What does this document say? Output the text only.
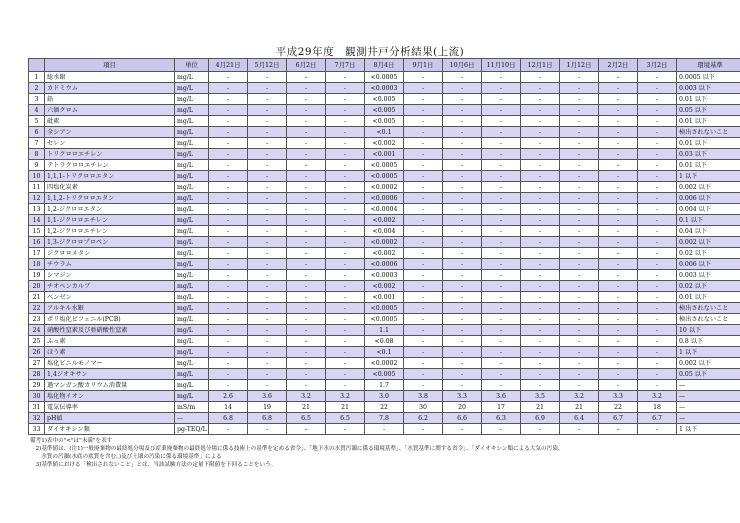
平成29年度　観測井戸分析結果(上流)
	項目	単位	4月21日	5月12日	6月2日	7月7日	8月4日	9月1日	10月6日	11月10日	12月1日	1月12日	2月2日	3月2日	環境基準
1	総水銀	mg/L	-	-	-	-	<0.0005	-	-	-	-	-	-	-	0.0005 以下
2	カドミウム	mg/L	-	-	-	-	<0.0003	-	-	-	-	-	-	-	0.003 以下
3	鉛	mg/L	-	-	-	-	<0.005	-	-	-	-	-	-	-	0.01 以下
4	六価クロム	mg/L	-	-	-	-	<0.005	-	-	-	-	-	-	-	0.05 以下
5	砒素	mg/L	-	-	-	-	<0.005	-	-	-	-	-	-	-	0.01 以下
6	全シアン	mg/L	-	-	-	-	<0.1	-	-	-	-	-	-	-	検出されないこと
7	セレン	mg/L	-	-	-	-	<0.002	-	-	-	-	-	-	-	0.01 以下
8	トリクロロエチレン	mg/L	-	-	-	-	<0.001	-	-	-	-	-	-	-	0.03 以下
9	テトラクロロエチレン	mg/L	-	-	-	-	<0.0005	-	-	-	-	-	-	-	0.01 以下
10	1,1,1-トリクロロエタン	mg/L	-	-	-	-	<0.0005	-	-	-	-	-	-	-	1 以下
11	四塩化炭素	mg/L	-	-	-	-	<0.0002	-	-	-	-	-	-	-	0.002 以下
12	1,1,2-トリクロロエタン	mg/L	-	-	-	-	<0.0006	-	-	-	-	-	-	-	0.006 以下
13	1,2-ジクロロエタン	mg/L	-	-	-	-	<0.0004	-	-	-	-	-	-	-	0.004 以下
14	1,1-ジクロロエチレン	mg/L	-	-	-	-	<0.002	-	-	-	-	-	-	-	0.1 以下
15	1,2-ジクロロエチレン	mg/L	-	-	-	-	<0.004	-	-	-	-	-	-	-	0.04 以下
16	1,3-ジクロロプロペン	mg/L	-	-	-	-	<0.0002	-	-	-	-	-	-	-	0.002 以下
17	ジクロロメタン	mg/L	-	-	-	-	<0.002	-	-	-	-	-	-	-	0.02 以下
18	チウラム	mg/L	-	-	-	-	<0.0006	-	-	-	-	-	-	-	0.006 以下
19	シマジン	mg/L	-	-	-	-	<0.0003	-	-	-	-	-	-	-	0.003 以下
20	チオベンカルブ	mg/L	-	-	-	-	<0.002	-	-	-	-	-	-	-	0.02 以下
21	ベンゼン	mg/L	-	-	-	-	<0.001	-	-	-	-	-	-	-	0.01 以下
22	アルキル水銀	mg/L	-	-	-	-	<0.0005	-	-	-	-	-	-	-	検出されないこと
23	ポリ塩化ビフェニル(PCB)	mg/L	-	-	-	-	<0.0005	-	-	-	-	-	-	-	検出されないこと
24	硝酸性窒素及び亜硝酸性窒素	mg/L	-	-	-	-	1.1	-	-	-	-	-	-	-	10 以下
25	ふっ素	mg/L	-	-	-	-	<0.08	-	-	-	-	-	-	-	0.8 以下
26	ほう素	mg/L	-	-	-	-	<0.1	-	-	-	-	-	-	-	1 以下
27	塩化ビニルモノマー	mg/L	-	-	-	-	<0.0002	-	-	-	-	-	-	-	0.002 以下
28	1,4ジオキサン	mg/L	-	-	-	-	<0.005	-	-	-	-	-	-	-	0.05 以下
29	過マンガン酸カリウム消費量	mg/L	-	-	-	-	1.7	-	-	-	-	-	-	-	—
30	塩化物イオン	mg/L	2.6	3.6	3.2	3.2	3.0	3.8	3.3	3.6	3.5	3.2	3.3	3.2	—
31	電気伝導率	mS/m	14	19	21	21	22	30	20	17	21	21	22	18	—
32	pH値	—	6.8	6.8	6.5	6.5	7.8	6.2	6.6	6.3	6.9	6.4	6.7	6.7	—
33	ダイオキシン類	pg-TEQ/L	-	-	-	-	-	-	-	-	-	-	-	-	1 以下
備考1)表中の"<"は"未満"を表す
　2)基準値は、(注1)一般廃棄物の最終処分場及び産業廃棄物の最終処分場に係る技術上の基準を定める省令」、「地下水の水質汚濁に係る環境基準」、「水質基準に関する省令」、「ダイオキシン類による大気の汚染、
　　水質の汚濁(水底の底質を含む。)及び土壌の汚染に係る環境基準」による
　3)基準値における「検出されないこと」とは、当該試験方法の定量下限値を下回ることをいう。
